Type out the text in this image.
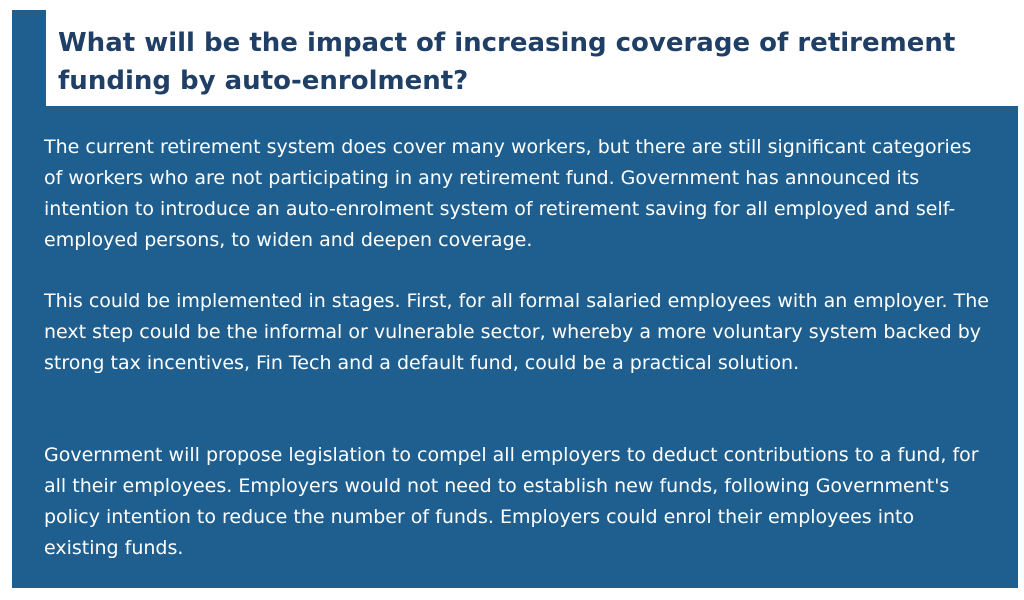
What will be the impact of increasing coverage of retirement funding by auto-enrolment?

The current retirement system does cover many workers, but there are still significant categories of workers who are not participating in any retirement fund. Government has announced its intention to introduce an auto-enrolment system of retirement saving for all employed and self- employed persons, to widen and deepen coverage.

This could be implemented in stages. First, for all formal salaried employees with an employer. The next step could be the informal or vulnerable sector, whereby a more voluntary system backed by strong tax incentives, Fin Tech and a default fund, could be a practical solution.

Government will propose legislation to compel all employers to deduct contributions to a fund, for all their employees. Employers would not need to establish new funds, following Government's policy intention to reduce the number of funds. Employers could enrol their employees into existing funds.
